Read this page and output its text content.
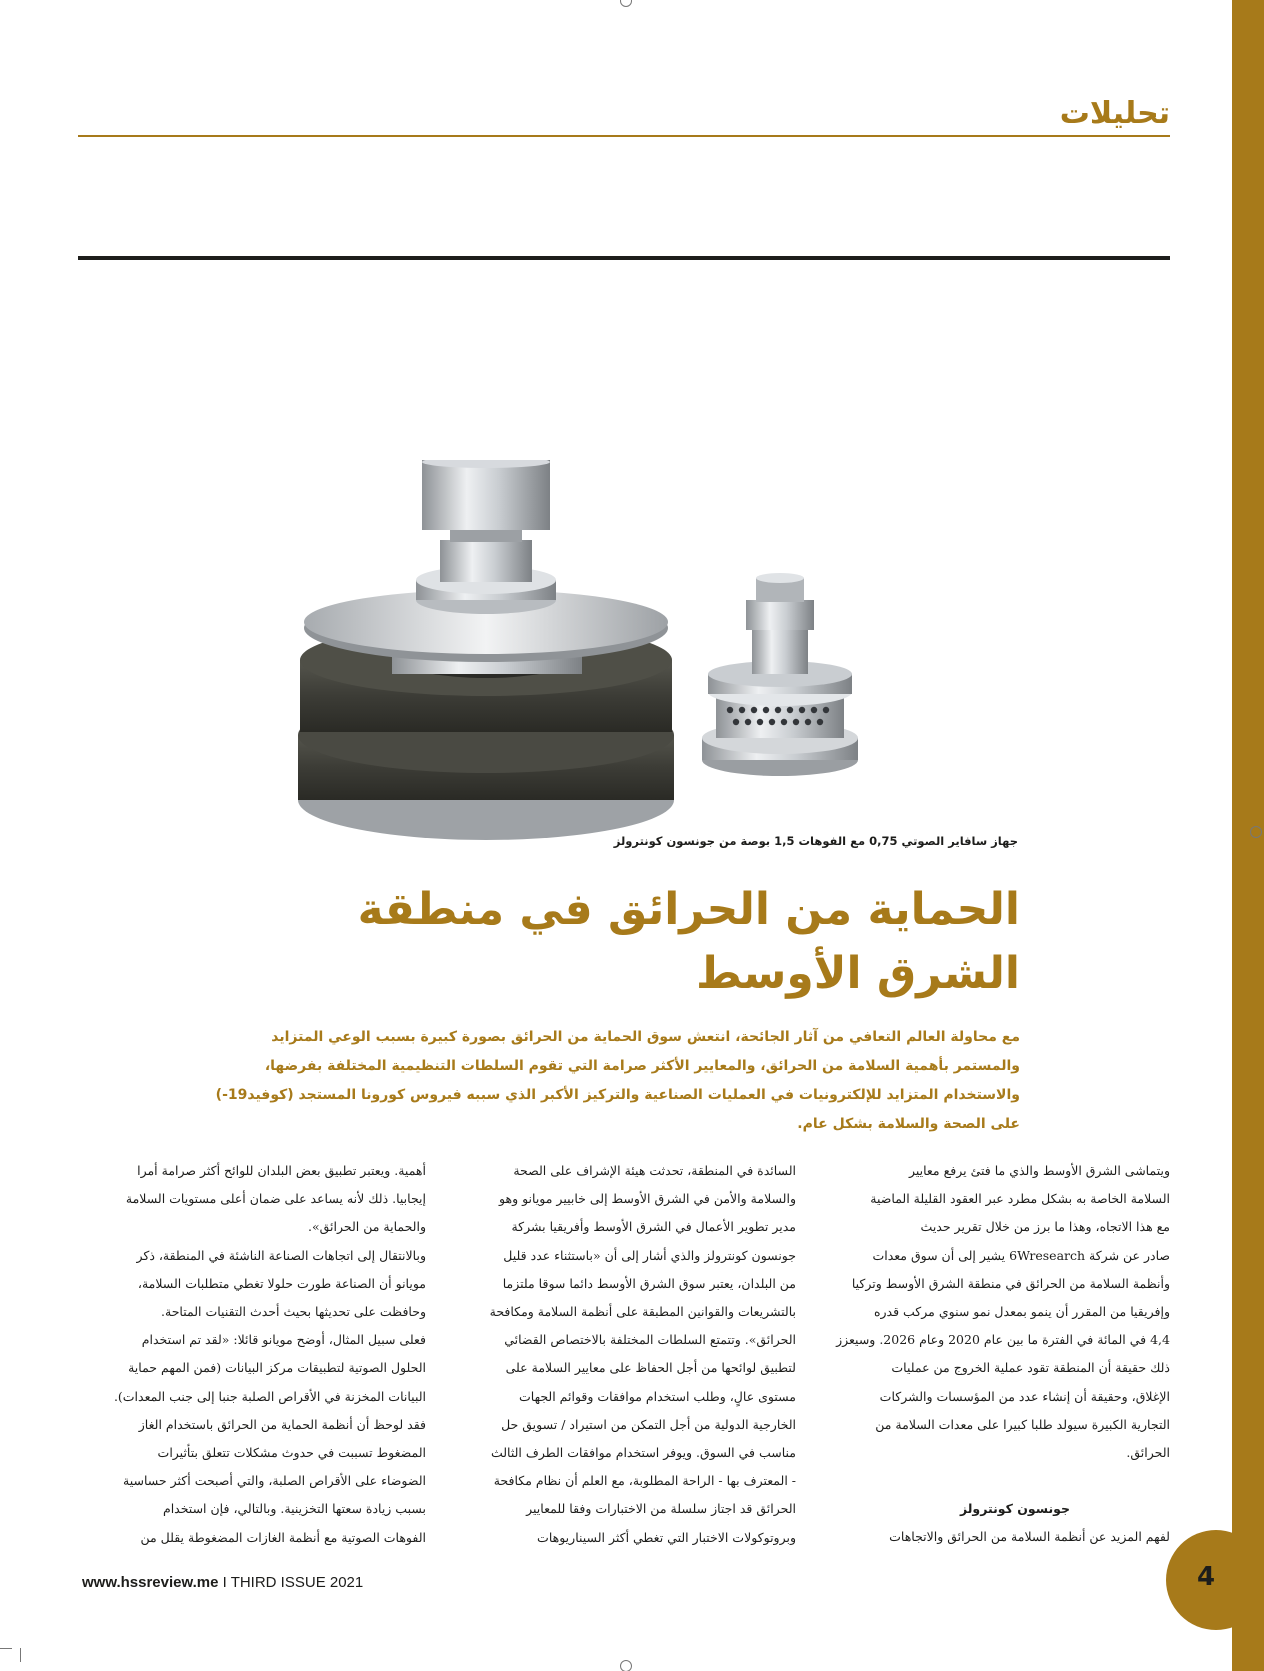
4
تحليلات
جهاز سافاير الصوتي 0,75 مع الفوهات 1,5 بوصة من جونسون كونترولز
الحماية من الحرائق في منطقة
الشرق الأوسط
مع محاولة العالم التعافي من آثار الجائحة، انتعش سوق الحماية من الحرائق بصورة كبيرة بسبب الوعي المتزايد
والمستمر بأهمية السلامة من الحرائق، والمعايير الأكثر صرامة التي تقوم السلطات التنظيمية المختلفة بفرضها،
والاستخدام المتزايد للإلكترونيات في العمليات الصناعية والتركيز الأكبر الذي سببه فيروس كورونا المستجد (كوفيد19-)
على الصحة والسلامة بشكل عام.
ويتماشى الشرق الأوسط والذي ما فتئ يرفع معايير
السلامة الخاصة به بشكل مطرد عبر العقود القليلة الماضية
مع هذا الاتجاه، وهذا ما برز من خلال تقرير حديث
صادر عن شركة 6Wresearch يشير إلى أن سوق معدات
وأنظمة السلامة من الحرائق في منطقة الشرق الأوسط وتركيا
وإفريقيا من المقرر أن ينمو بمعدل نمو سنوي مركب قدره
4,4 في المائة في الفترة ما بين عام 2020 وعام 2026. وسيعزز
ذلك حقيقة أن المنطقة تقود عملية الخروج من عمليات
الإغلاق، وحقيقة أن إنشاء عدد من المؤسسات والشركات
التجارية الكبيرة سيولد طلبا كبيرا على معدات السلامة من
الحرائق.
جونسون كونترولز
لفهم المزيد عن أنظمة السلامة من الحرائق والاتجاهات
السائدة في المنطقة، تحدثت هيئة الإشراف على الصحة
والسلامة والأمن في الشرق الأوسط إلى خابيير مويانو وهو
مدير تطوير الأعمال في الشرق الأوسط وأفريقيا بشركة
جونسون كونترولز والذي أشار إلى أن «باستثناء عدد قليل
من البلدان، يعتبر سوق الشرق الأوسط دائما سوقا ملتزما
بالتشريعات والقوانين المطبقة على أنظمة السلامة ومكافحة
الحرائق». وتتمتع السلطات المختلفة بالاختصاص القضائي
لتطبيق لوائحها من أجل الحفاظ على معايير السلامة على
مستوى عالٍ، وطلب استخدام موافقات وقوائم الجهات
الخارجية الدولية من أجل التمكن من استيراد / تسويق حل
مناسب في السوق. ويوفر استخدام موافقات الطرف الثالث
- المعترف بها - الراحة المطلوبة، مع العلم أن نظام مكافحة
الحرائق قد اجتاز سلسلة من الاختبارات وفقا للمعايير
وبروتوكولات الاختبار التي تغطي أكثر السيناريوهات
أهمية. ويعتبر تطبيق بعض البلدان للوائح أكثر صرامة أمرا
إيجابيا. ذلك لأنه يساعد على ضمان أعلى مستويات السلامة
والحماية من الحرائق».
وبالانتقال إلى اتجاهات الصناعة الناشئة في المنطقة، ذكر
مويانو أن الصناعة طورت حلولا تغطي متطلبات السلامة،
وحافظت على تحديثها بحيث أحدث التقنيات المتاحة.
فعلى سبيل المثال، أوضح مويانو قائلا: «لقد تم استخدام
الحلول الصوتية لتطبيقات مركز البيانات (فمن المهم حماية
البيانات المخزنة في الأقراص الصلبة جنبا إلى جنب المعدات).
فقد لوحظ أن أنظمة الحماية من الحرائق باستخدام الغاز
المضغوط تسببت في حدوث مشكلات تتعلق بتأثيرات
الضوضاء على الأقراص الصلبة، والتي أصبحت أكثر حساسية
بسبب زيادة سعتها التخزينية. وبالتالي، فإن استخدام
الفوهات الصوتية مع أنظمة الغازات المضغوطة يقلل من
www.hssreview.me I THIRD ISSUE 2021
